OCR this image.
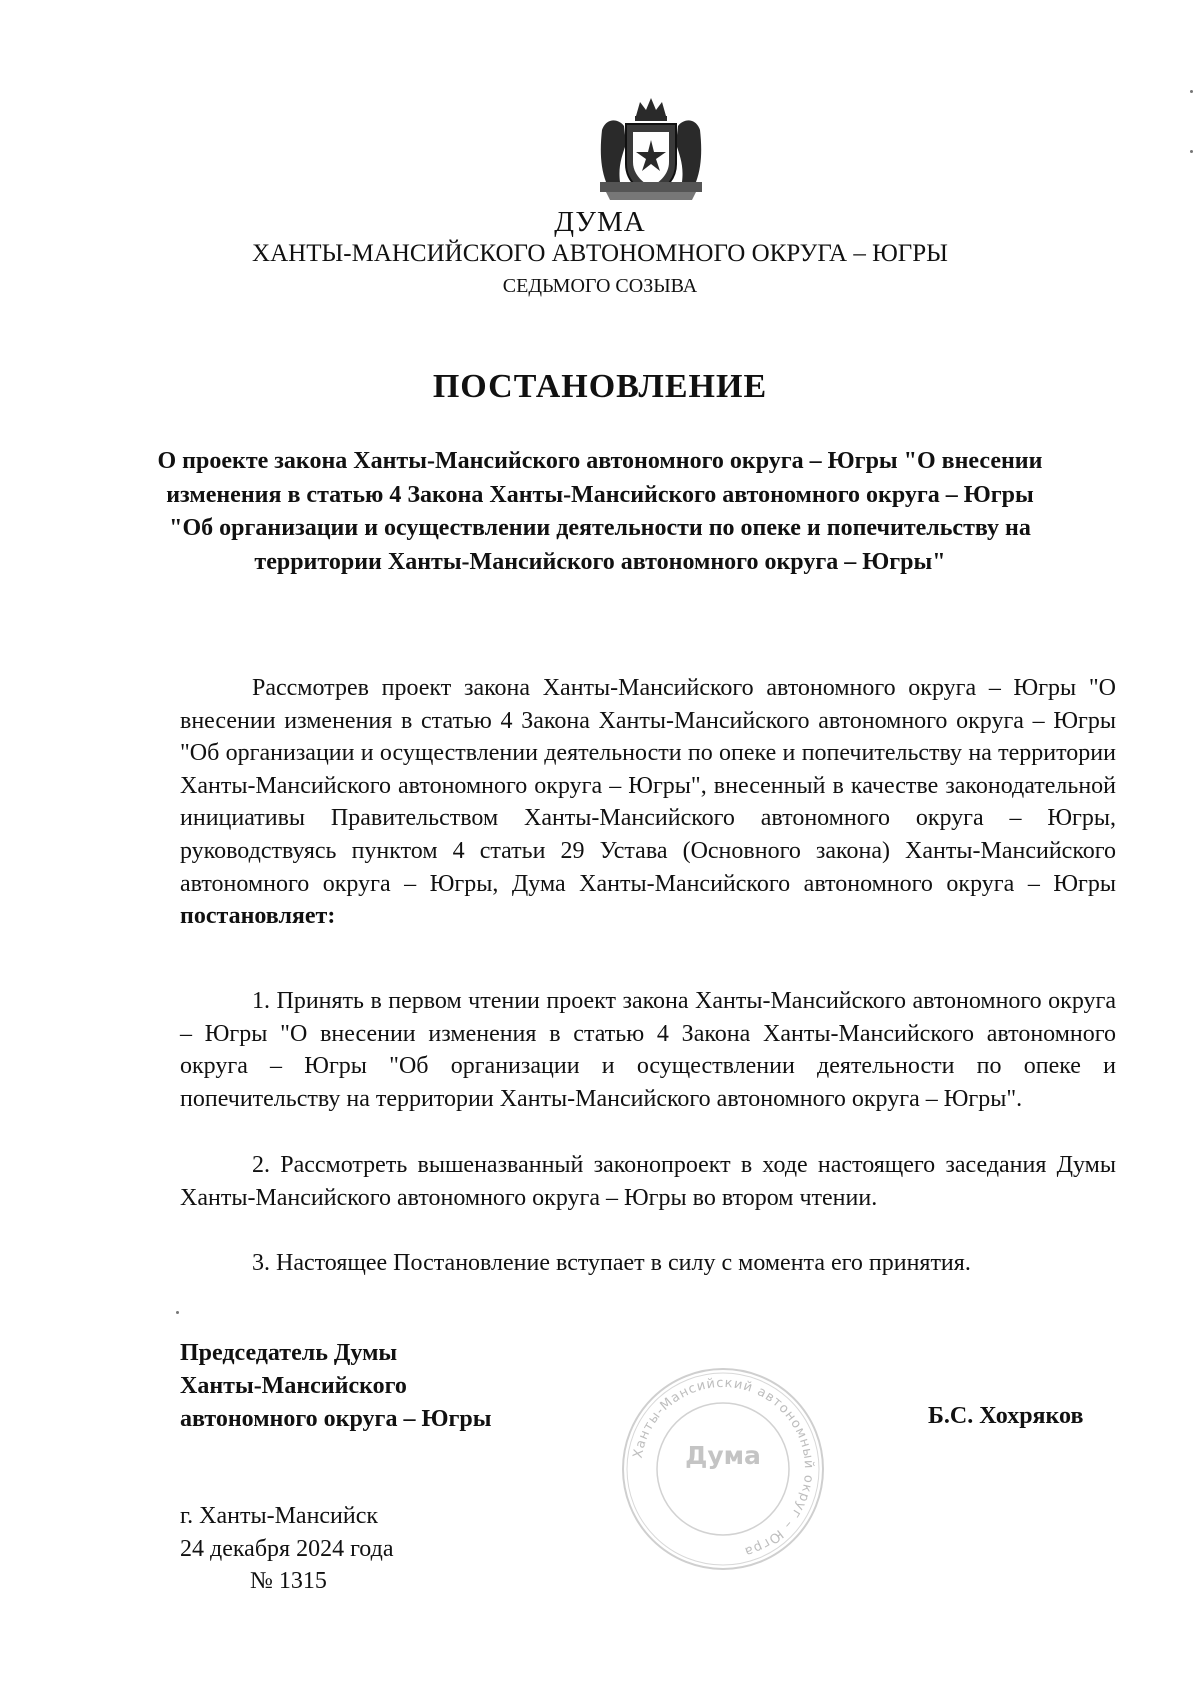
ДУМА

ХАНТЫ-МАНСИЙСКОГО АВТОНОМНОГО ОКРУГА – ЮГРЫ

СЕДЬМОГО СОЗЫВА

ПОСТАНОВЛЕНИЕ

О проекте закона Ханты-Мансийского автономного округа – Югры "О внесении изменения в статью 4 Закона Ханты-Мансийского автономного округа – Югры "Об организации и осуществлении деятельности по опеке и попечительству на территории Ханты-Мансийского автономного округа – Югры"

Рассмотрев проект закона Ханты-Мансийского автономного округа – Югры "О внесении изменения в статью 4 Закона Ханты-Мансийского автономного округа – Югры "Об организации и осуществлении деятельности по опеке и попечительству на территории Ханты-Мансийского автономного округа – Югры", внесенный в качестве законодательной инициативы Правительством Ханты-Мансийского автономного округа – Югры, руководствуясь пунктом 4 статьи 29 Устава (Основного закона) Ханты-Мансийского автономного округа – Югры, Дума Ханты-Мансийского автономного округа – Югры постановляет:

1. Принять в первом чтении проект закона Ханты-Мансийского автономного округа – Югры "О внесении изменения в статью 4 Закона Ханты-Мансийского автономного округа – Югры "Об организации и осуществлении деятельности по опеке и попечительству на территории Ханты-Мансийского автономного округа – Югры".

2. Рассмотреть вышеназванный законопроект в ходе настоящего заседания Думы Ханты-Мансийского автономного округа – Югры во втором чтении.

3. Настоящее Постановление вступает в силу с момента его принятия.

Председатель Думы
Ханты-Мансийского
автономного округа – Югры
Ханты-Мансийский автономный округ – Югра
Дума

Б.С. Хохряков

г. Ханты-Мансийск
24 декабря 2024 года
№ 1315
